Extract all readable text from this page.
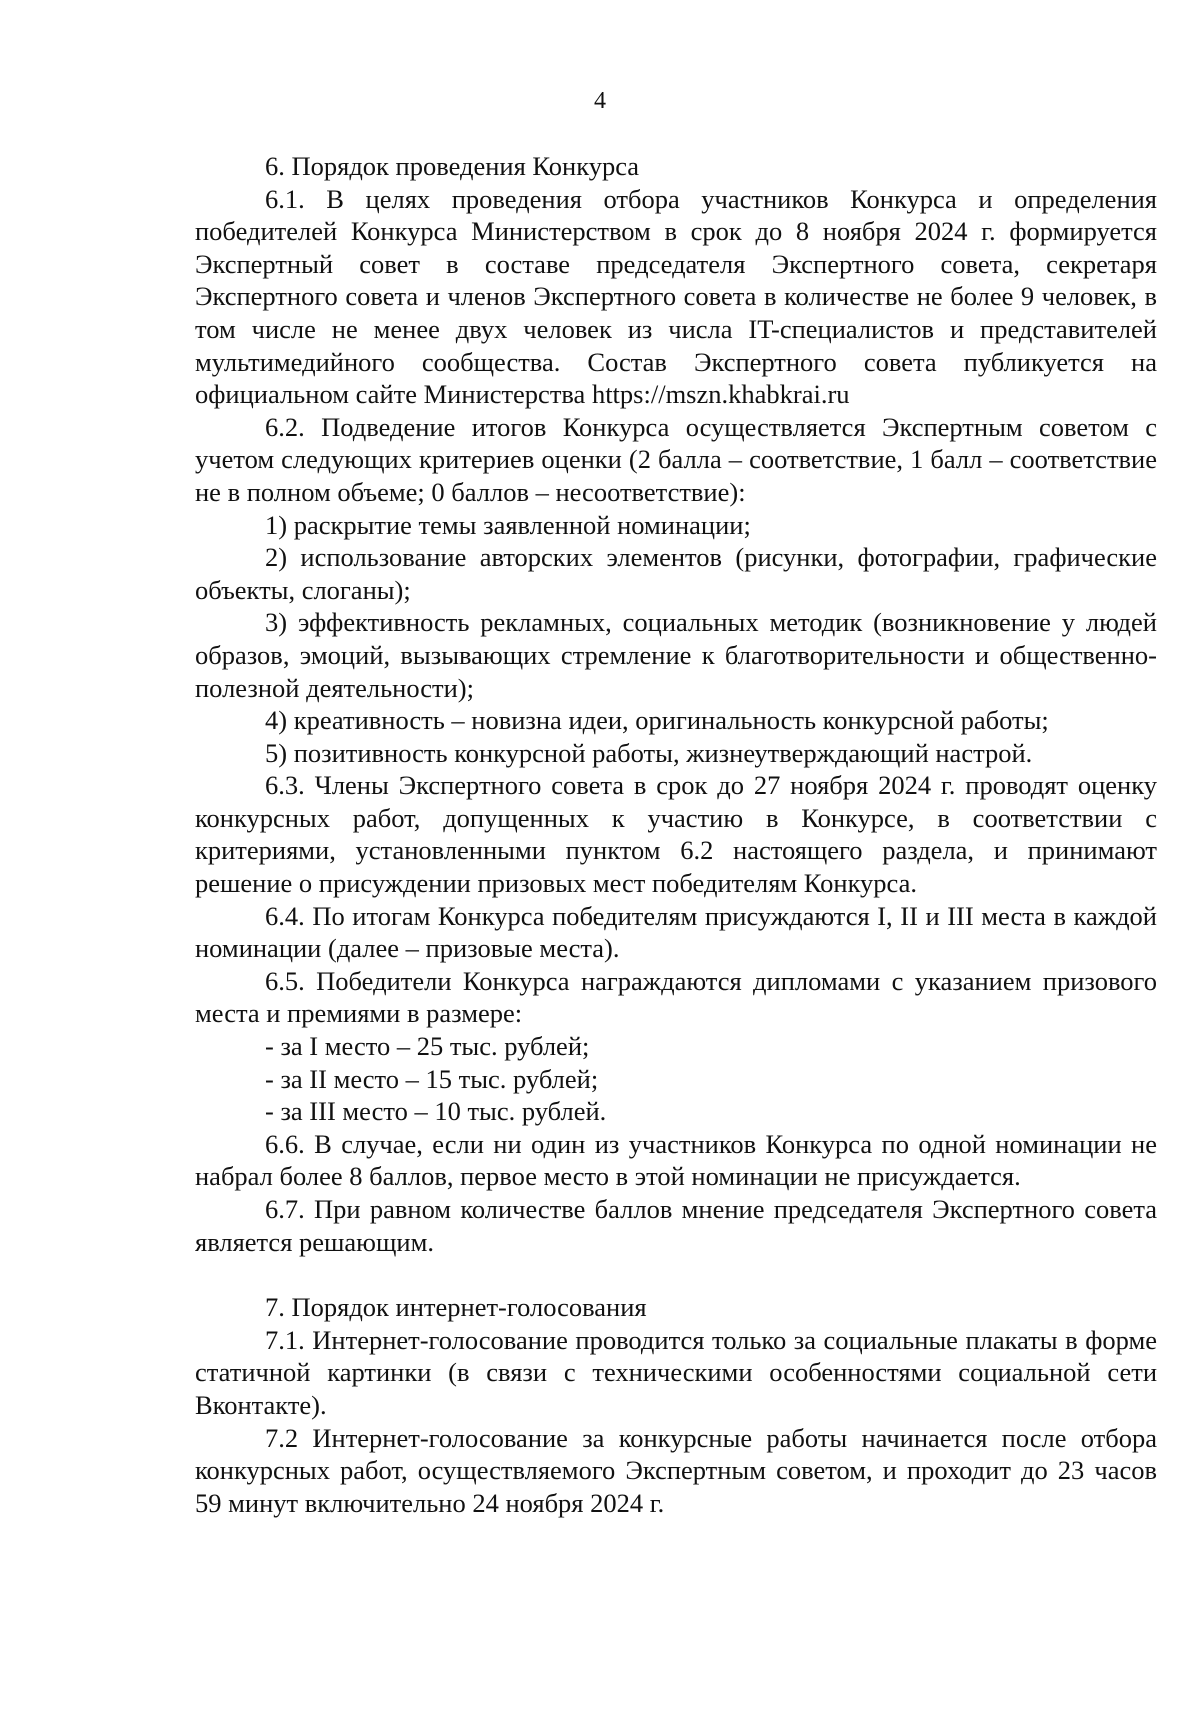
4

6. Порядок проведения Конкурса

6.1. В целях проведения отбора участников Конкурса и определения победителей Конкурса Министерством в срок до 8 ноября 2024 г. формируется Экспертный совет в составе председателя Экспертного совета, секретаря Экспертного совета и членов Экспертного совета в количестве не более 9 человек, в том числе не менее двух человек из числа IT-специалистов и представителей мультимедийного сообщества. Состав Экспертного совета публикуется на официальном сайте Министерства https://mszn.khabkrai.ru

6.2. Подведение итогов Конкурса осуществляется Экспертным советом с учетом следующих критериев оценки (2 балла – соответствие, 1 балл – соответствие не в полном объеме; 0 баллов – несоответствие):

1) раскрытие темы заявленной номинации;

2) использование авторских элементов (рисунки, фотографии, графические объекты, слоганы);

3) эффективность рекламных, социальных методик (возникновение у людей образов, эмоций, вызывающих стремление к благотворительности и общественно-полезной деятельности);

4) креативность – новизна идеи, оригинальность конкурсной работы;

5) позитивность конкурсной работы, жизнеутверждающий настрой.

6.3. Члены Экспертного совета в срок до 27 ноября 2024 г. проводят оценку конкурсных работ, допущенных к участию в Конкурсе, в соответствии с критериями, установленными пунктом 6.2 настоящего раздела, и принимают решение о присуждении призовых мест победителям Конкурса.

6.4. По итогам Конкурса победителям присуждаются I, II и III места в каждой номинации (далее – призовые места).

6.5. Победители Конкурса награждаются дипломами с указанием призового места и премиями в размере:

- за I место – 25 тыс. рублей;

- за II место – 15 тыс. рублей;

- за III место – 10 тыс. рублей.

6.6. В случае, если ни один из участников Конкурса по одной номинации не набрал более 8 баллов, первое место в этой номинации не присуждается.

6.7. При равном количестве баллов мнение председателя Экспертного совета является решающим.

7. Порядок интернет-голосования

7.1. Интернет-голосование проводится только за социальные плакаты в форме статичной картинки (в связи с техническими особенностями социальной сети Вконтакте).

7.2 Интернет-голосование за конкурсные работы начинается после отбора конкурсных работ, осуществляемого Экспертным советом, и проходит до 23 часов 59 минут включительно 24 ноября 2024 г.
